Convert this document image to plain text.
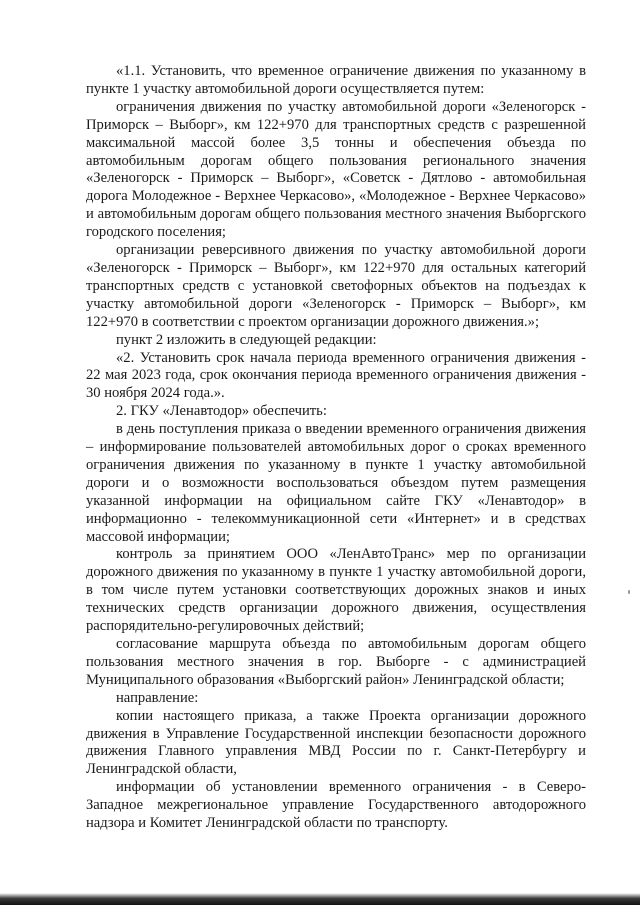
«1.1. Установить, что временное ограничение движения по указанному в пункте 1 участку автомобильной дороги осуществляется путем:

ограничения движения по участку автомобильной дороги «Зеленогорск - Приморск – Выборг», км 122+970 для транспортных средств с разрешенной максимальной массой более 3,5 тонны и обеспечения объезда по автомобильным дорогам общего пользования регионального значения «Зеленогорск - Приморск – Выборг», «Советск - Дятлово - автомобильная дорога Молодежное - Верхнее Черкасово», «Молодежное - Верхнее Черкасово» и автомобильным дорогам общего пользования местного значения Выборгского городского поселения;

организации реверсивного движения по участку автомобильной дороги «Зеленогорск - Приморск – Выборг», км 122+970 для остальных категорий транспортных средств с установкой светофорных объектов на подъездах к участку автомобильной дороги «Зеленогорск - Приморск – Выборг», км 122+970 в соответствии с проектом организации дорожного движения.»;

пункт 2 изложить в следующей редакции:

«2. Установить срок начала периода временного ограничения движения - 22 мая 2023 года, срок окончания периода временного ограничения движения - 30 ноября 2024 года.».

2. ГКУ «Ленавтодор» обеспечить:

в день поступления приказа о введении временного ограничения движения – информирование пользователей автомобильных дорог о сроках временного ограничения движения по указанному в пункте 1 участку автомобильной дороги и о возможности воспользоваться объездом путем размещения указанной информации на официальном сайте ГКУ «Ленавтодор» в информационно - телекоммуникационной сети «Интернет» и в средствах массовой информации;

контроль за принятием ООО «ЛенАвтоТранс» мер по организации дорожного движения по указанному в пункте 1 участку автомобильной дороги, в том числе путем установки соответствующих дорожных знаков и иных технических средств организации дорожного движения, осуществления распорядительно-регулировочных действий;

согласование маршрута объезда по автомобильным дорогам общего пользования местного значения в гор. Выборге - с администрацией Муниципального образования «Выборгский район» Ленинградской области;

направление:

копии настоящего приказа, а также Проекта организации дорожного движения в Управление Государственной инспекции безопасности дорожного движения Главного управления МВД России по г. Санкт-Петербургу и Ленинградской области,

информации об установлении временного ограничения - в Северо-Западное межрегиональное управление Государственного автодорожного надзора и Комитет Ленинградской области по транспорту.
